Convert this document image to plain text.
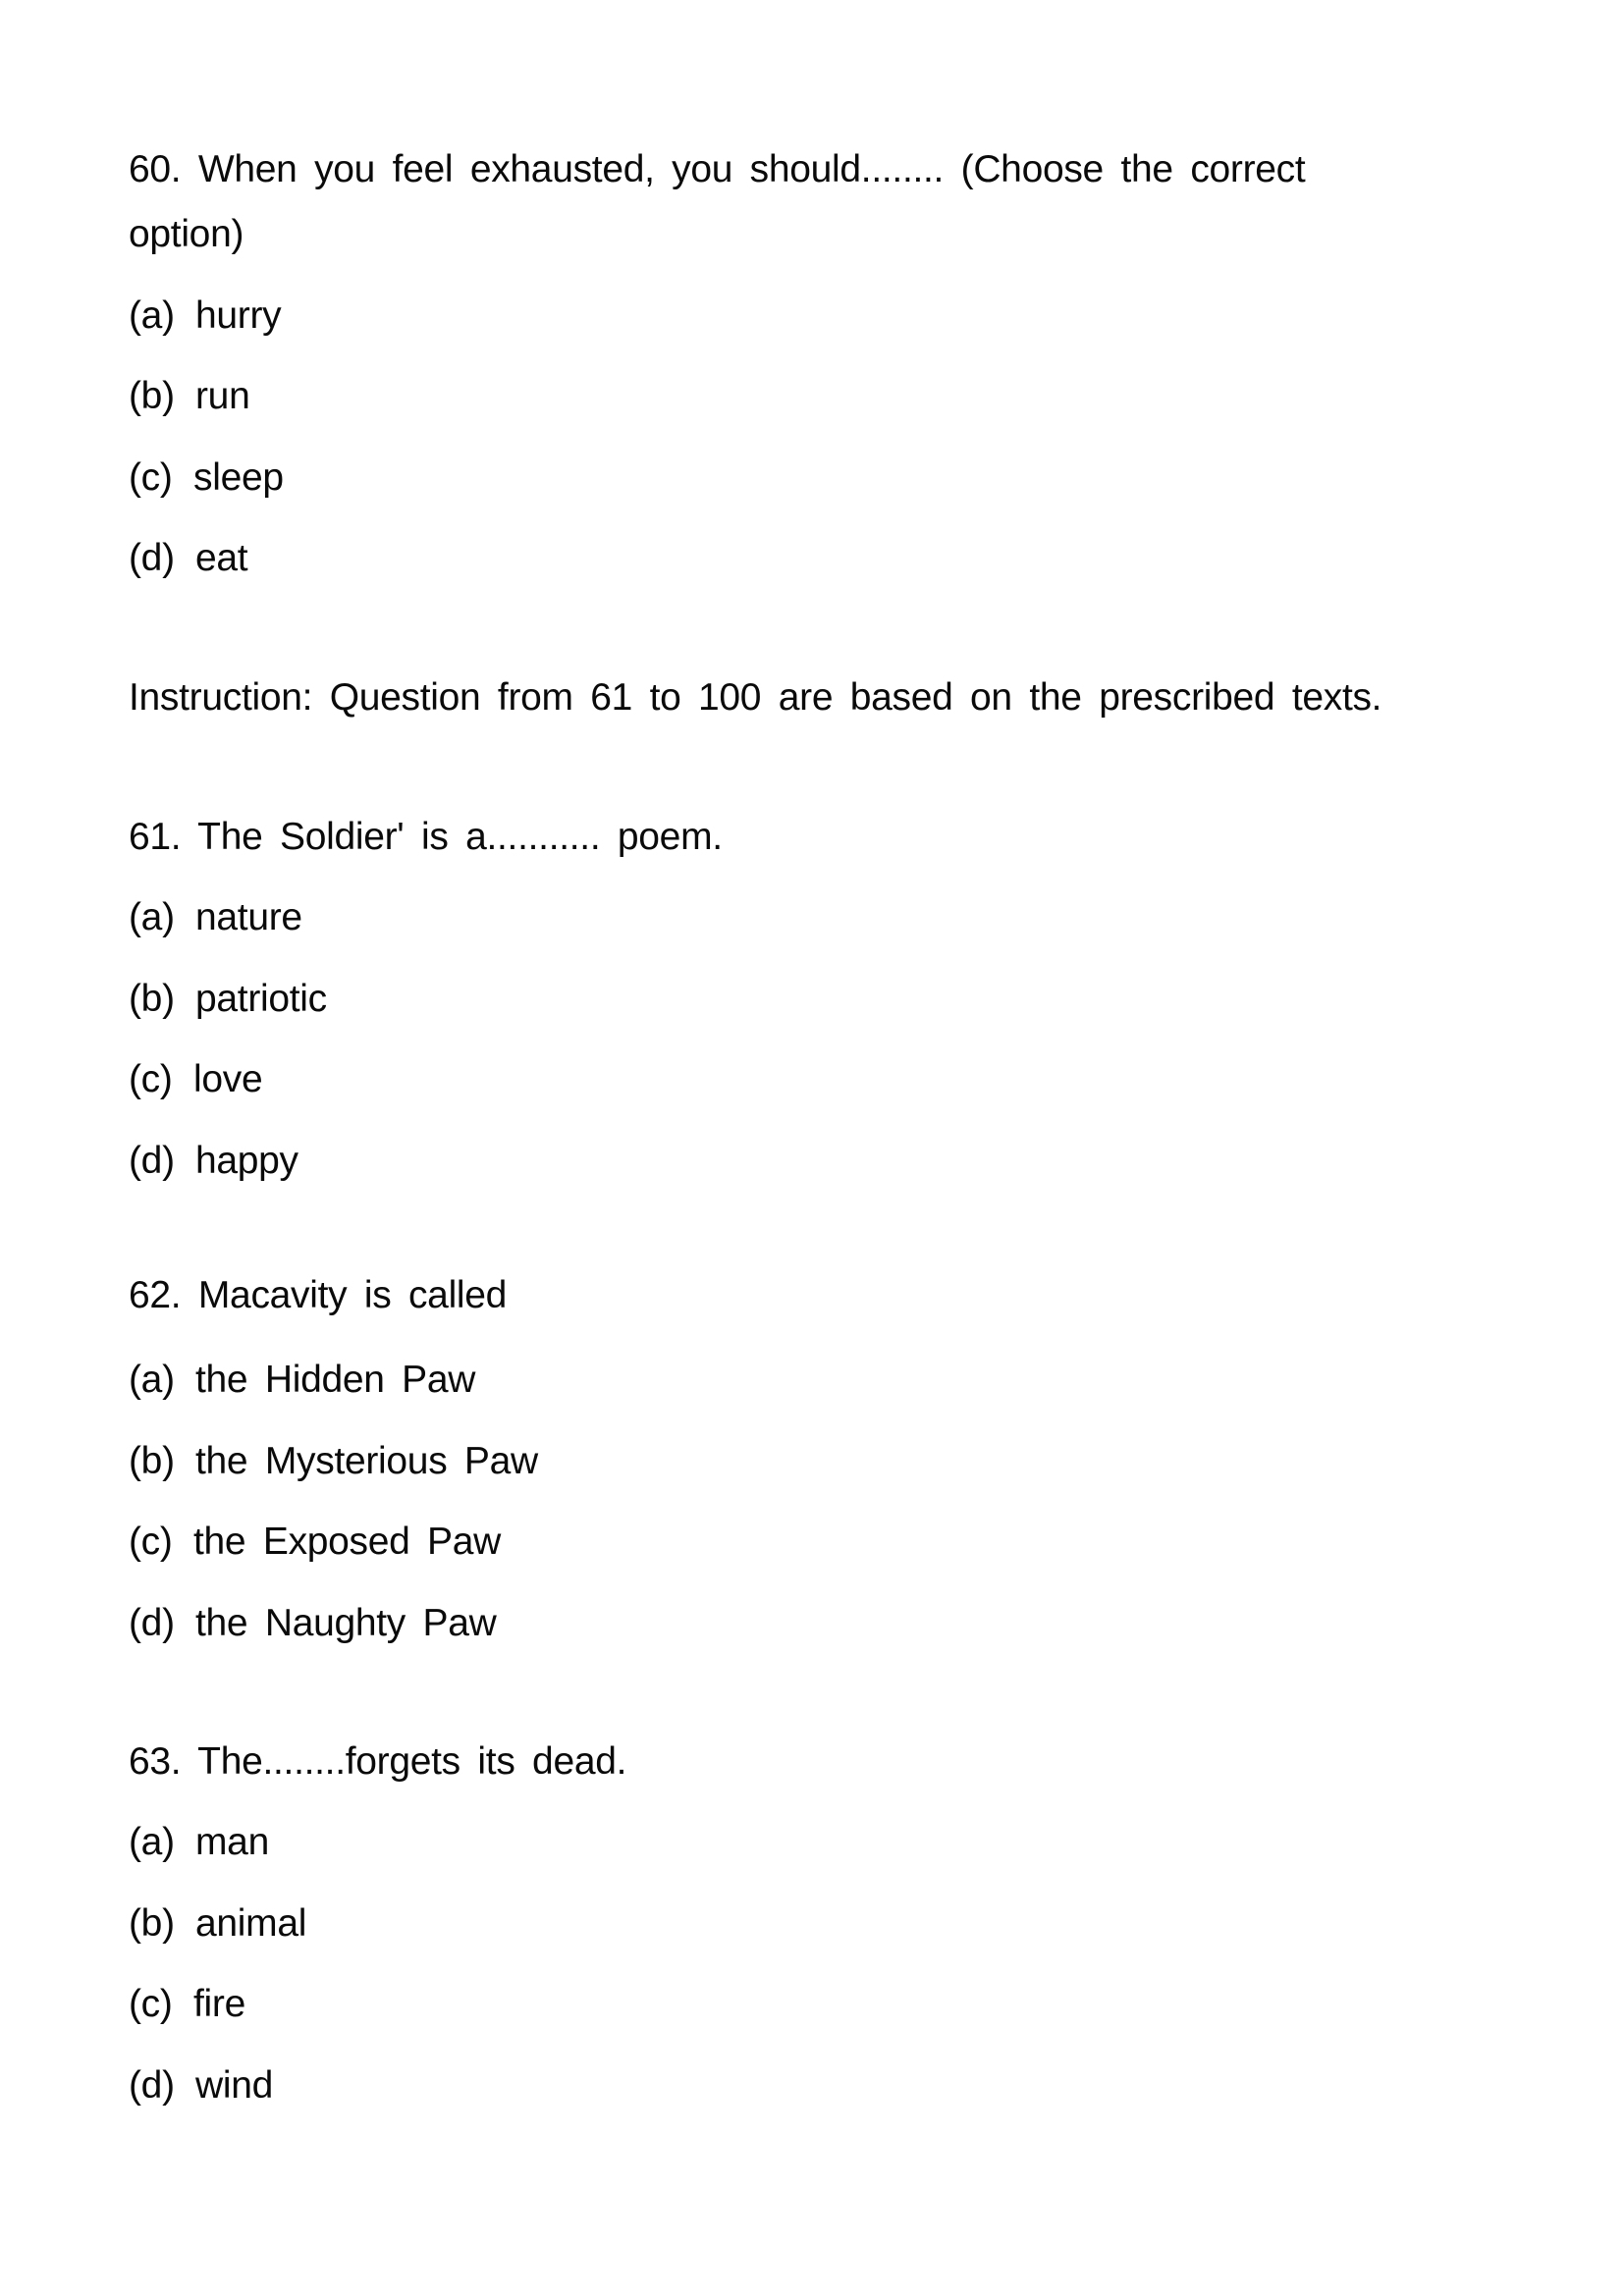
60. When you feel exhausted, you should........ (Choose the correct
option)
(a) hurry
(b) run
(c) sleep
(d) eat
Instruction: Question from 61 to 100 are based on the prescribed texts.
61. The Soldier' is a........... poem.
(a) nature
(b) patriotic
(c) love
(d) happy
62. Macavity is called
(a) the Hidden Paw
(b) the Mysterious Paw
(c) the Exposed Paw
(d) the Naughty Paw
63. The........forgets its dead.
(a) man
(b) animal
(c) fire
(d) wind
